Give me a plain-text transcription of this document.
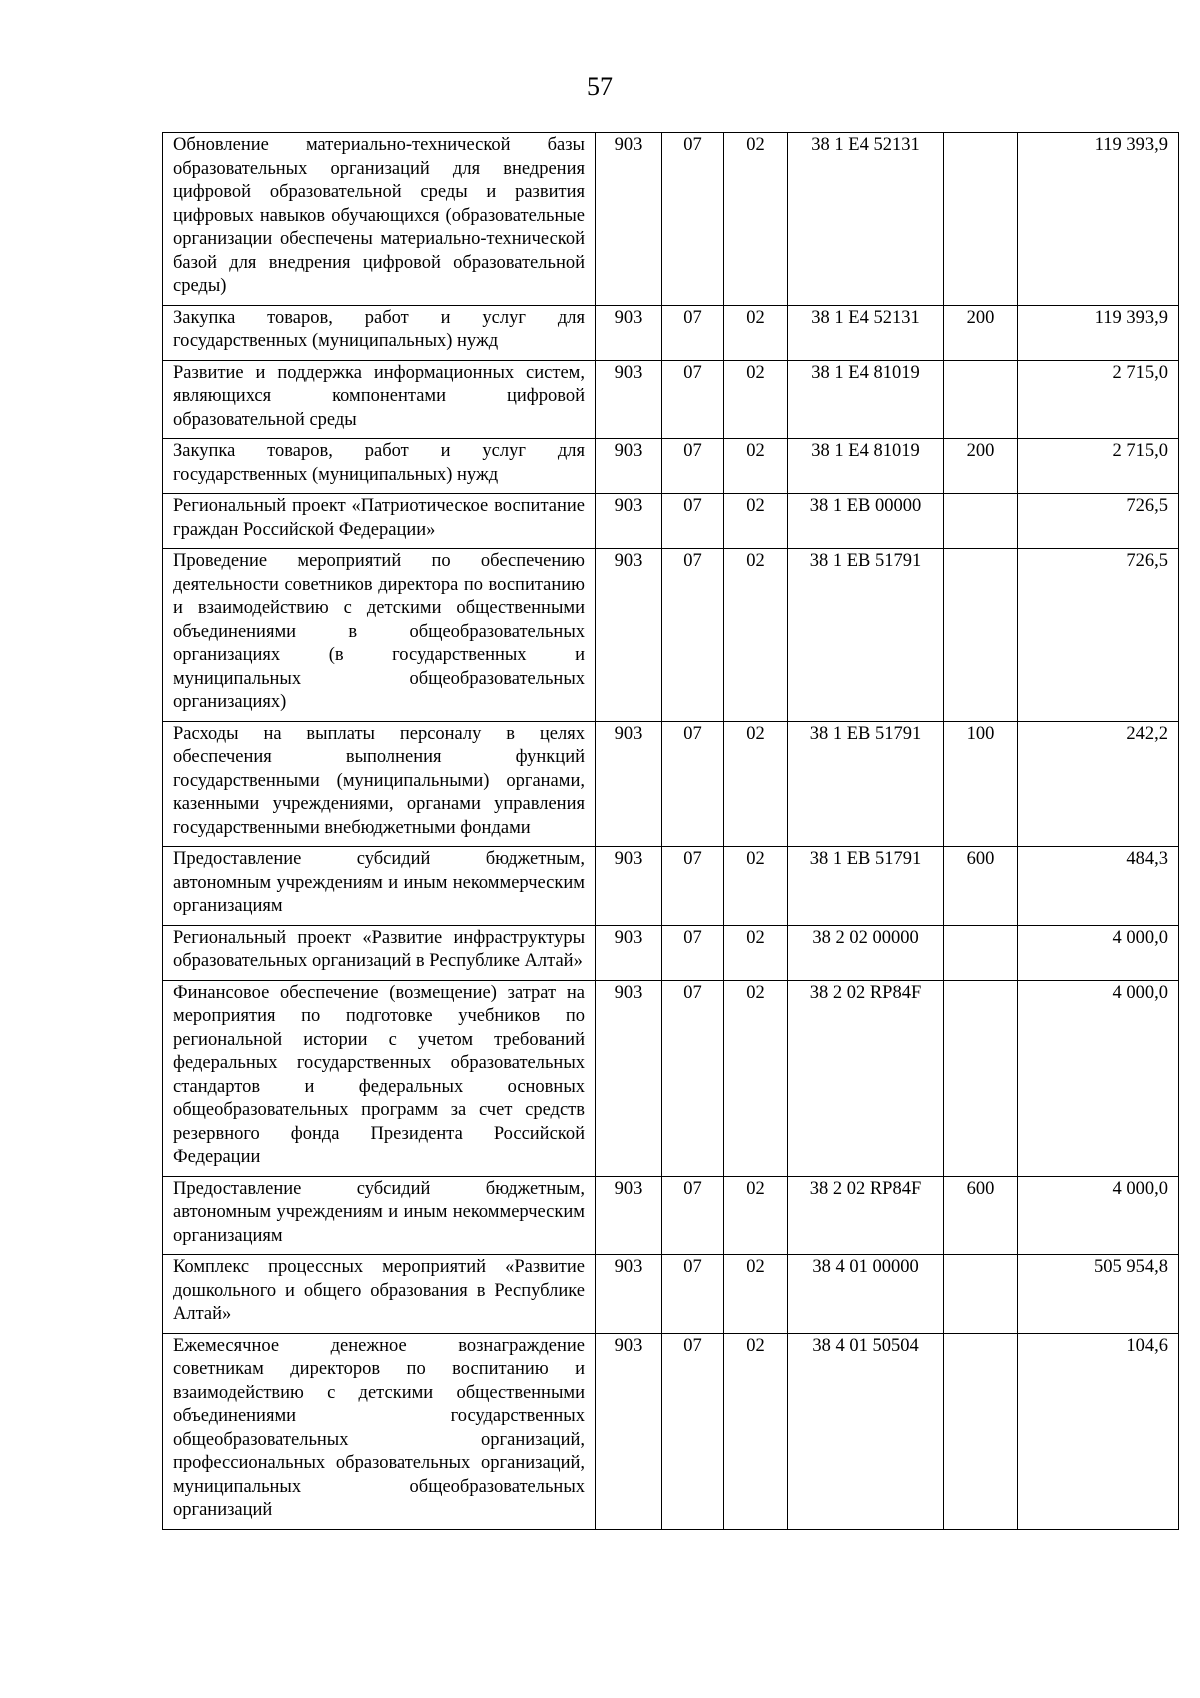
57
Обновление материально-технической базы образовательных организаций для внедрения цифровой образовательной среды и развития цифровых навыков обучающихся (образовательные организации обеспечены материально-технической базой для внедрения цифровой образовательной среды)	903	07	02	38 1 Е4 52131		119 393,9
Закупка товаров, работ и услуг для государственных (муниципальных) нужд	903	07	02	38 1 Е4 52131	200	119 393,9
Развитие и поддержка информационных систем, являющихся компонентами цифровой образовательной среды	903	07	02	38 1 Е4 81019		2 715,0
Закупка товаров, работ и услуг для государственных (муниципальных) нужд	903	07	02	38 1 Е4 81019	200	2 715,0
Региональный проект «Патриотическое воспитание граждан Российской Федерации»	903	07	02	38 1 ЕВ 00000		726,5
Проведение мероприятий по обеспечению деятельности советников директора по воспитанию и взаимодействию с детскими общественными объединениями в общеобразовательных организациях (в государственных и муниципальных общеобразовательных организациях)	903	07	02	38 1 ЕВ 51791		726,5
Расходы на выплаты персоналу в целях обеспечения выполнения функций государственными (муниципальными) органами, казенными учреждениями, органами управления государственными внебюджетными фондами	903	07	02	38 1 ЕВ 51791	100	242,2
Предоставление субсидий бюджетным, автономным учреждениям и иным некоммерческим организациям	903	07	02	38 1 ЕВ 51791	600	484,3
Региональный проект «Развитие инфраструктуры образовательных организаций в Республике Алтай»	903	07	02	38 2 02 00000		4 000,0
Финансовое обеспечение (возмещение) затрат на мероприятия по подготовке учебников по региональной истории с учетом требований федеральных государственных образовательных стандартов и федеральных основных общеобразовательных программ за счет средств резервного фонда Президента Российской Федерации	903	07	02	38 2 02 RP84F		4 000,0
Предоставление субсидий бюджетным, автономным учреждениям и иным некоммерческим организациям	903	07	02	38 2 02 RP84F	600	4 000,0
Комплекс процессных мероприятий «Развитие дошкольного и общего образования в Республике Алтай»	903	07	02	38 4 01 00000		505 954,8
Ежемесячное денежное вознаграждение советникам директоров по воспитанию и взаимодействию с детскими общественными объединениями государственных общеобразовательных организаций, профессиональных образовательных организаций, муниципальных общеобразовательных организаций	903	07	02	38 4 01 50504		104,6
